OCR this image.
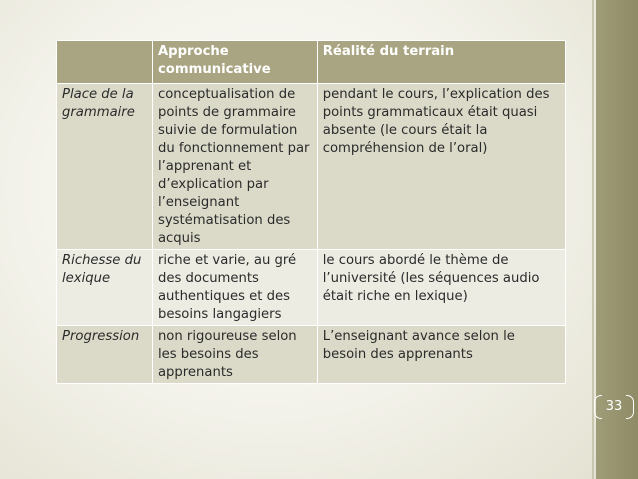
	Approche communicative	Réalité du terrain
Place de la grammaire	conceptualisation de points de grammaire suivie de formulation du fonctionnement par l’apprenant et d’explication par l’enseignant systématisation des acquis	pendant le cours, l’explication des points grammaticaux était quasi absente (le cours était la compréhension de l’oral)
Richesse du lexique	riche et varie, au gré des documents authentiques et des besoins langagiers	le cours abordé le thème de l’université (les séquences audio était riche en lexique)
Progression	non rigoureuse selon les besoins des apprenants	L’enseignant avance selon le besoin des apprenants
33
